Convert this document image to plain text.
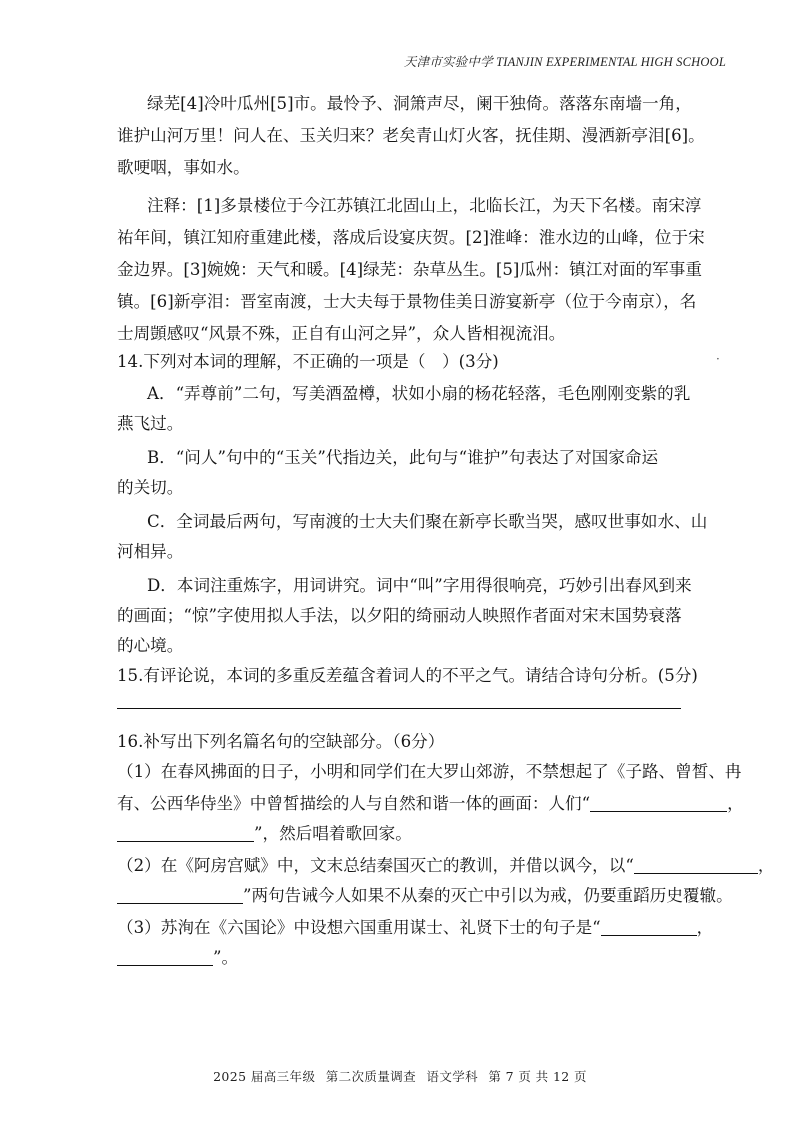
天津市实验中学 TIANJIN EXPERIMENTAL HIGH SCHOOL
绿芜[4]冷叶瓜州[5]市。最怜予、洞箫声尽，阑干独倚。落落东南墙一角，
谁护山河万里！问人在、玉关归来？老矣青山灯火客，抚佳期、漫洒新亭泪[6]。
歌哽咽，事如水。
注释：[1]多景楼位于今江苏镇江北固山上，北临长江，为天下名楼。南宋淳
祐年间，镇江知府重建此楼，落成后设宴庆贺。[2]淮峰：淮水边的山峰，位于宋
金边界。[3]婉娩：天气和暖。[4]绿芜：杂草丛生。[5]瓜州：镇江对面的军事重
镇。[6]新亭泪：晋室南渡，士大夫每于景物佳美日游宴新亭（位于今南京），名
士周顗感叹“风景不殊，正自有山河之异”，众人皆相视流泪。
14.下列对本词的理解，不正确的一项是（　）(3分)	·
A．“弄尊前”二句，写美酒盈樽，状如小扇的杨花轻落，毛色刚刚变紫的乳
燕飞过。
B．“问人”句中的“玉关”代指边关，此句与“谁护”句表达了对国家命运
的关切。
C．全词最后两句，写南渡的士大夫们聚在新亭长歌当哭，感叹世事如水、山
河相异。
D．本词注重炼字，用词讲究。词中“叫”字用得很响亮，巧妙引出春风到来
的画面；“惊”字使用拟人手法，以夕阳的绮丽动人映照作者面对宋末国势衰落
的心境。
15.有评论说，本词的多重反差蕴含着词人的不平之气。请结合诗句分析。(5分)
16.补写出下列名篇名句的空缺部分。（6分）
（1）在春风拂面的日子，小明和同学们在大罗山郊游，不禁想起了《子路、曾皙、冉
有、公西华侍坐》中曾皙描绘的人与自然和谐一体的画面：人们“	，
”，然后唱着歌回家。
（2）在《阿房宫赋》中，文末总结秦国灭亡的教训，并借以讽今，以“	，
”两句告诫今人如果不从秦的灭亡中引以为戒，仍要重蹈历史覆辙。
（3）苏洵在《六国论》中设想六国重用谋士、礼贤下士的句子是“	，
”。
2025 届高三年级 第二次质量调查 语文学科 第 7 页 共 12 页
